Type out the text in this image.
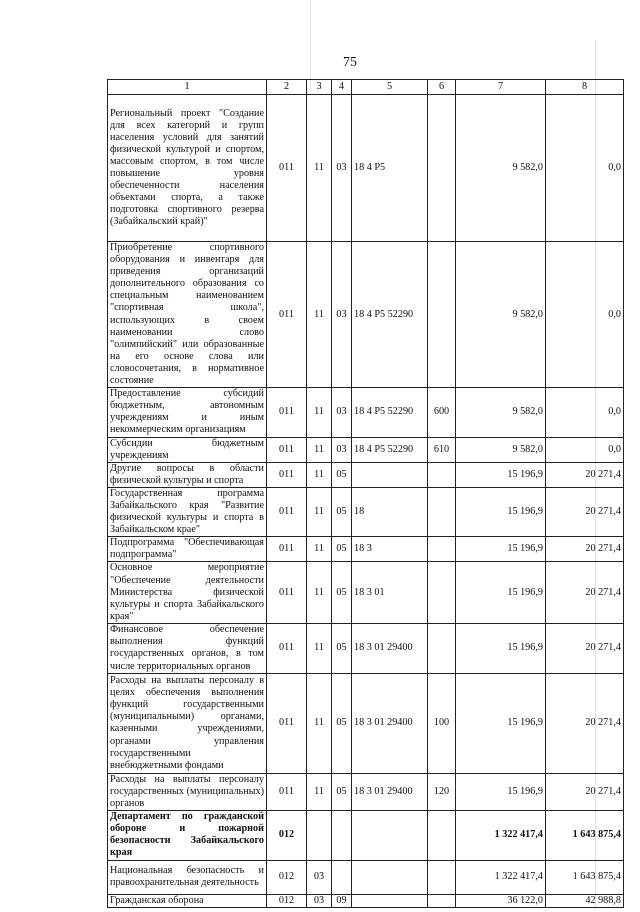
75
1	2	3	4	5	6	7	8
Региональный проект "Создание для всех категорий и групп населения условий для занятий физической культурой и спортом, массовым спортом, в том числе повышение уровня обеспеченности населения объектами спорта, а также подготовка спортивного резерва (Забайкальский край)"	011	11	03	18 4 P5		9 582,0	0,0
Приобретение спортивного оборудования и инвентаря для приведения организаций дополнительного образования со специальным наименованием "спортивная школа", использующих в своем наименовании слово "олимпийский" или образованные на его основе слова или словосочетания, в нормативное состояние	011	11	03	18 4 P5 52290		9 582,0	0,0
Предоставление субсидий бюджетным, автономным учреждениям и иным некоммерческим организациям	011	11	03	18 4 P5 52290	600	9 582,0	0,0
Субсидии бюджетным учреждениям	011	11	03	18 4 P5 52290	610	9 582,0	0,0
Другие вопросы в области физической культуры и спорта	011	11	05			15 196,9	20 271,4
Государственная программа Забайкальского края "Развитие физической культуры и спорта в Забайкальском крае"	011	11	05	18		15 196,9	20 271,4
Подпрограмма "Обеспечивающая подпрограмма"	011	11	05	18 3		15 196,9	20 271,4
Основное мероприятие "Обеспечение деятельности Министерства физической культуры и спорта Забайкальского края"	011	11	05	18 3 01		15 196,9	20 271,4
Финансовое обеспечение выполнения функций государственных органов, в том числе территориальных органов	011	11	05	18 3 01 29400		15 196,9	20 271,4
Расходы на выплаты персоналу в целях обеспечения выполнения функций государственными (муниципальными) органами, казенными учреждениями, органами управления государственными внебюджетными фондами	011	11	05	18 3 01 29400	100	15 196,9	20 271,4
Расходы на выплаты персоналу государственных (муниципальных) органов	011	11	05	18 3 01 29400	120	15 196,9	20 271,4
Департамент по гражданской обороне и пожарной безопасности Забайкальского края	012					1 322 417,4	1 643 875,4
Национальная безопасность и правоохранительная деятельность	012	03				1 322 417,4	1 643 875,4
Гражданская оборона	012	03	09			36 122,0	42 988,8
